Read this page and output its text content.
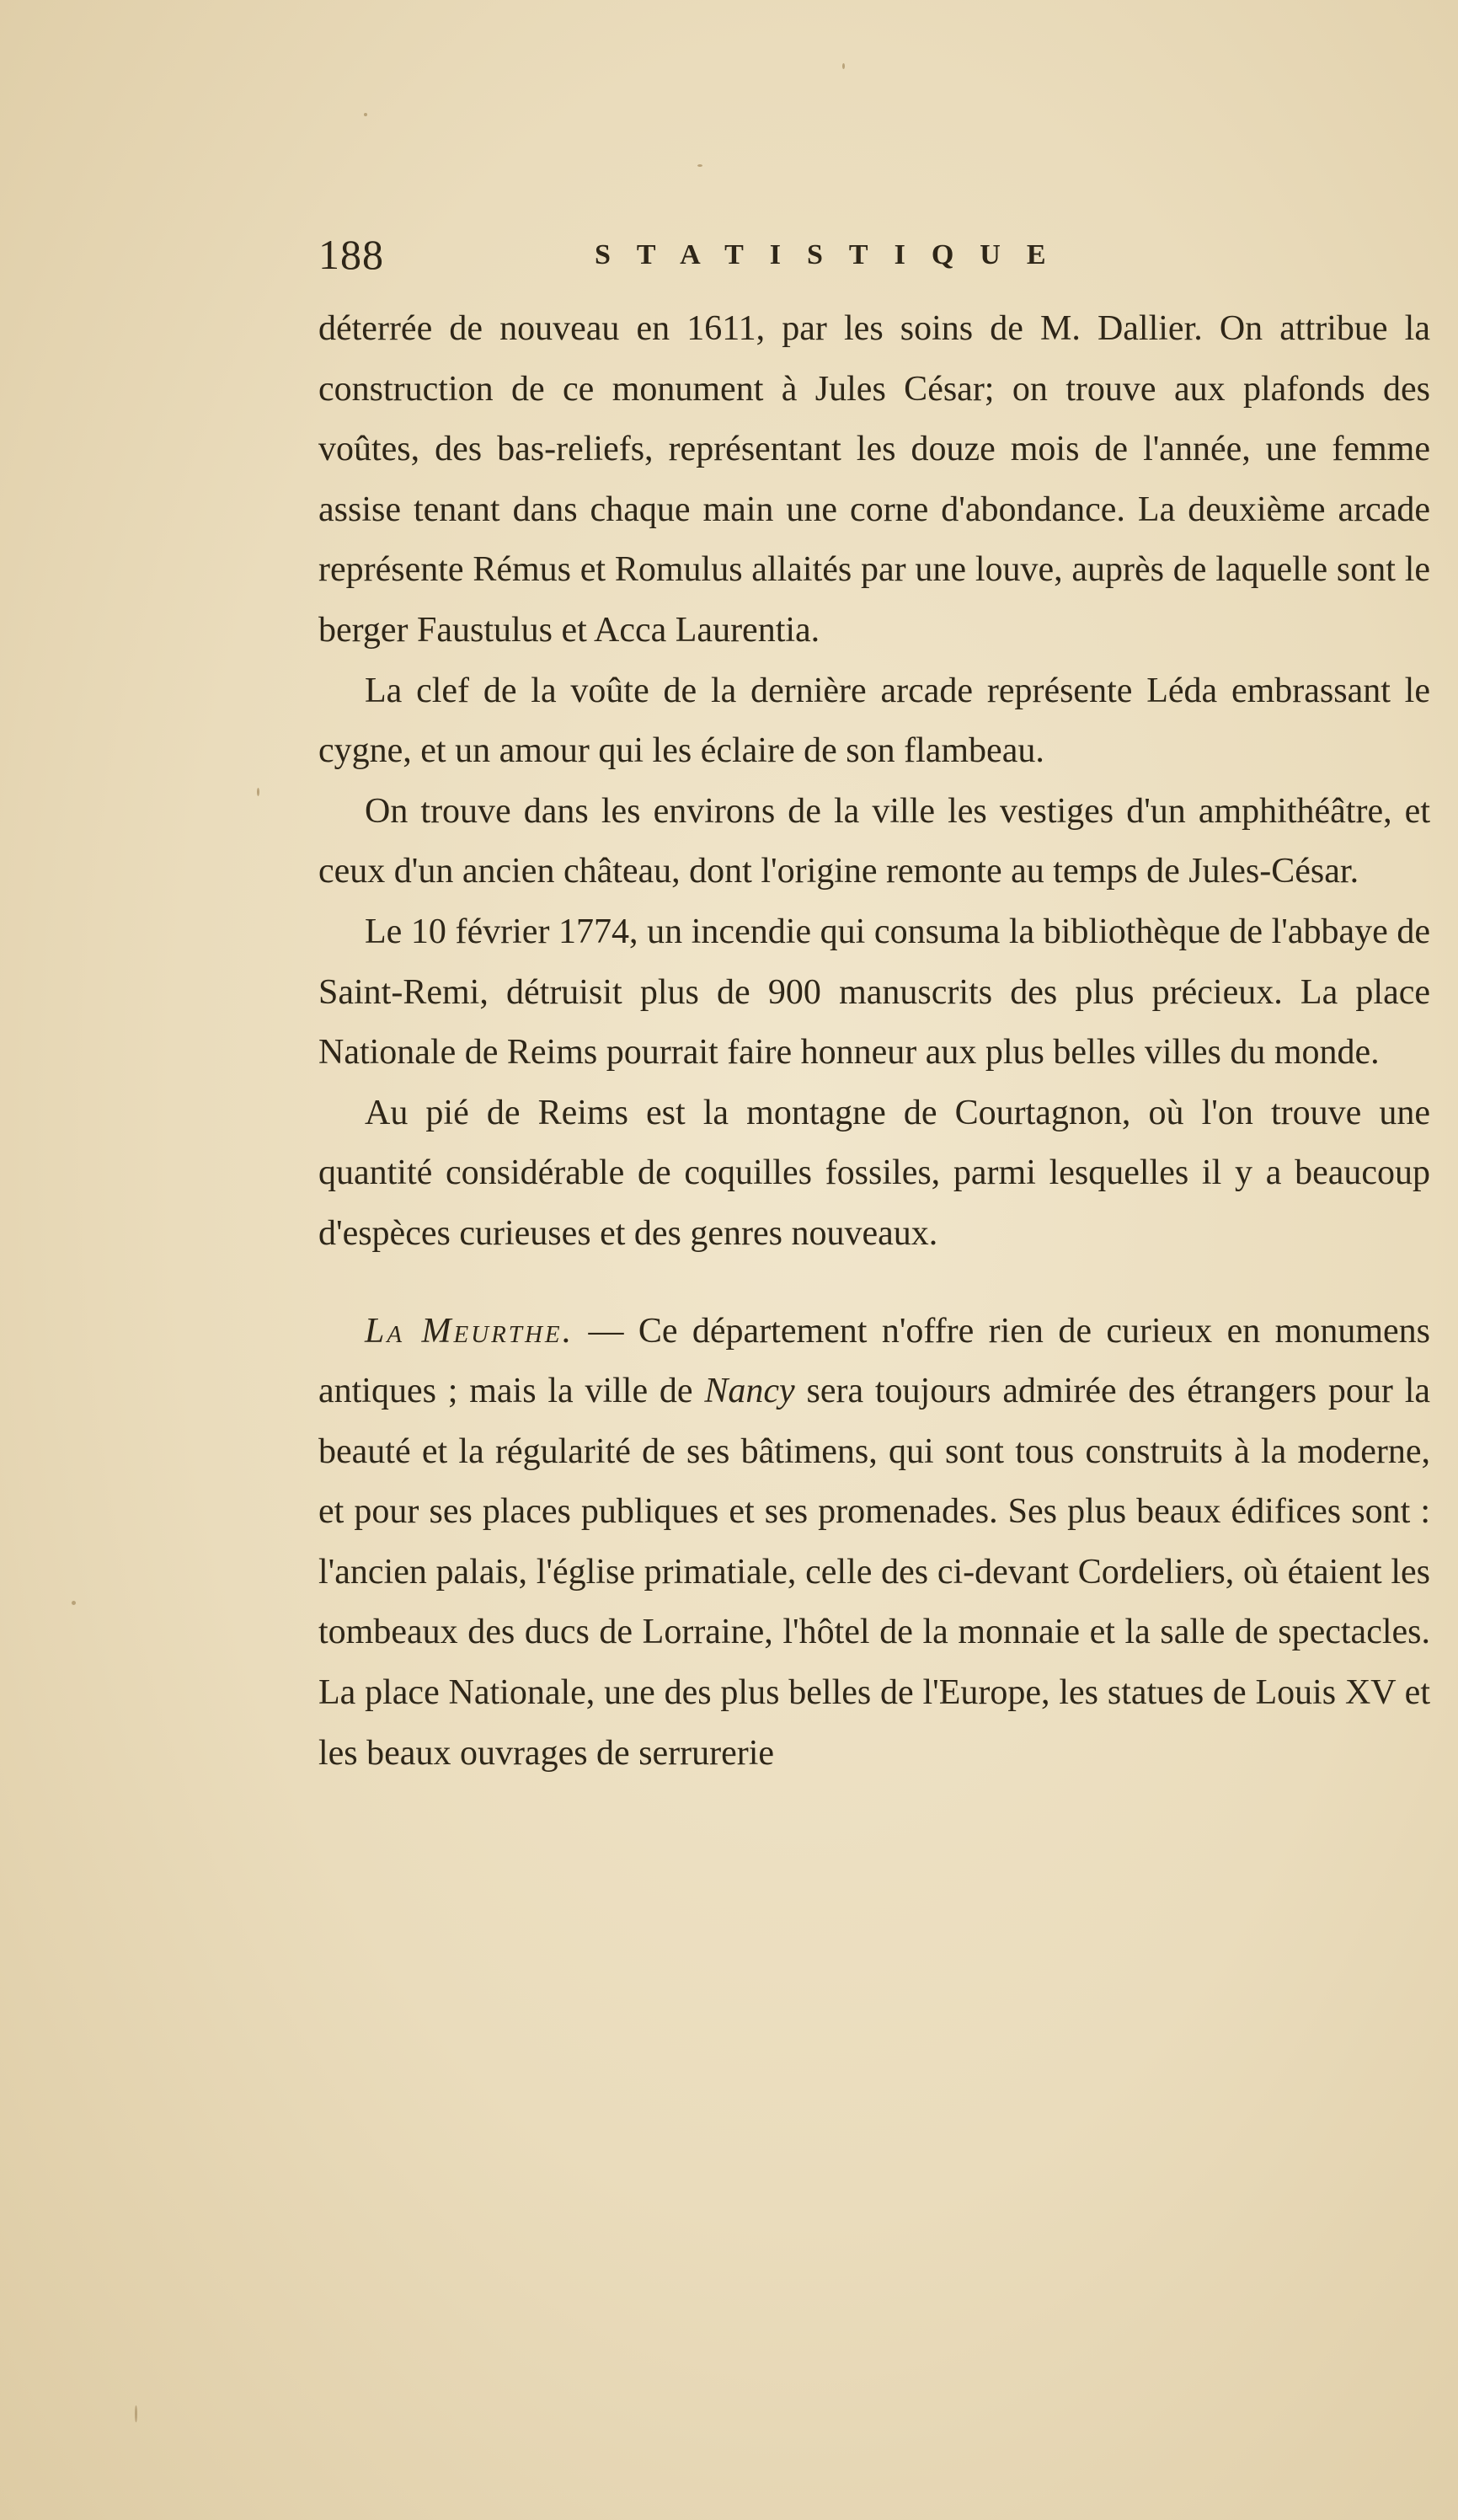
188	STATISTIQUE

déterrée de nouveau en 1611, par les soins de M. Dallier. On attribue la construction de ce monument à Jules César; on trouve aux plafonds des voûtes, des bas-reliefs, représentant les douze mois de l'année, une femme assise tenant dans chaque main une corne d'abondance. La deuxième arcade représente Rémus et Romulus allaités par une louve, auprès de laquelle sont le berger Faustulus et Acca Laurentia.

La clef de la voûte de la dernière arcade représente Léda embrassant le cygne, et un amour qui les éclaire de son flambeau.

On trouve dans les environs de la ville les vestiges d'un amphithéâtre, et ceux d'un ancien château, dont l'origine remonte au temps de Jules-César.

Le 10 février 1774, un incendie qui consuma la bibliothèque de l'abbaye de Saint-Remi, détruisit plus de 900 manuscrits des plus précieux. La place Nationale de Reims pourrait faire honneur aux plus belles villes du monde.

Au pié de Reims est la montagne de Courtagnon, où l'on trouve une quantité considérable de coquilles fossiles, parmi lesquelles il y a beaucoup d'espèces curieuses et des genres nouveaux.

La Meurthe. — Ce département n'offre rien de curieux en monumens antiques ; mais la ville de Nancy sera toujours admirée des étrangers pour la beauté et la régularité de ses bâtimens, qui sont tous construits à la moderne, et pour ses places publiques et ses promenades. Ses plus beaux édifices sont : l'ancien palais, l'église primatiale, celle des ci-devant Cordeliers, où étaient les tombeaux des ducs de Lorraine, l'hôtel de la monnaie et la salle de spectacles. La place Nationale, une des plus belles de l'Europe, les statues de Louis XV et les beaux ouvrages de serrurerie
